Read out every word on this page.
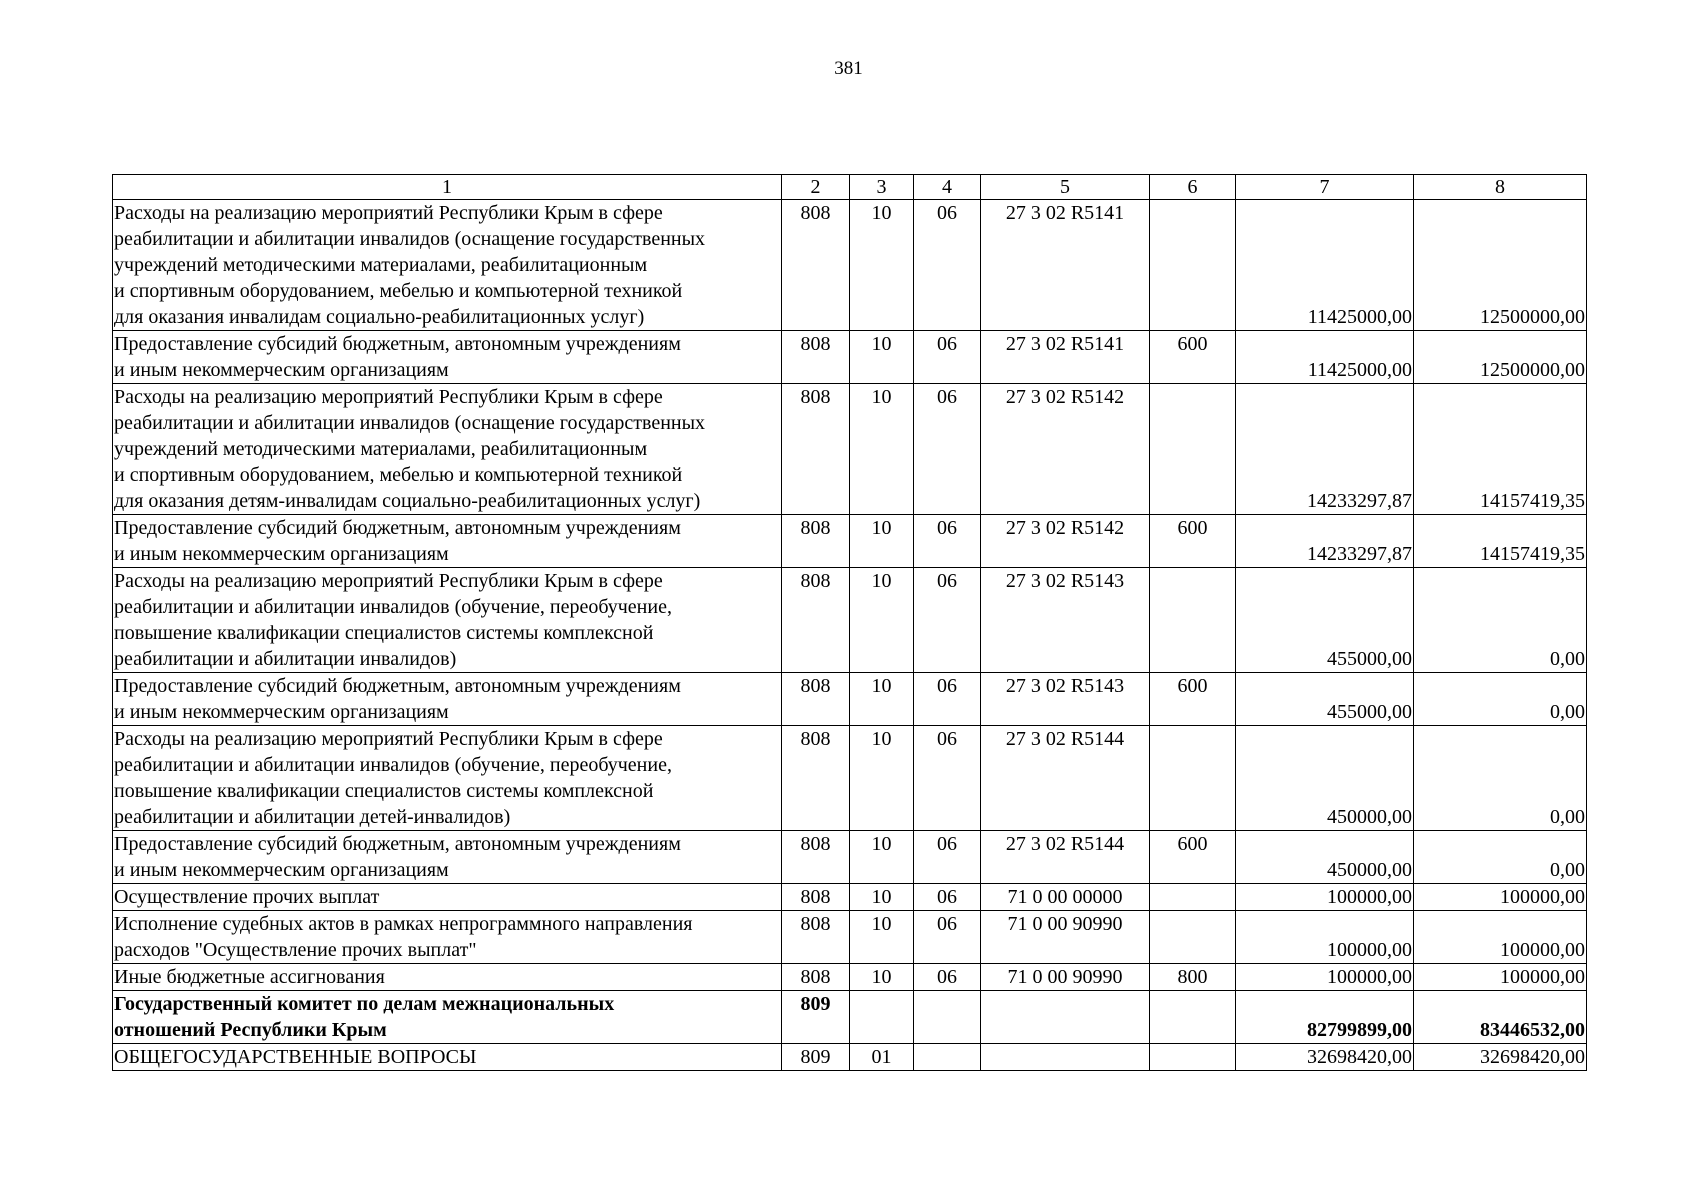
381
1	2	3	4	5	6	7	8
Расходы на реализацию мероприятий Республики Крым в сфере
реабилитации и абилитации инвалидов (оснащение государственных
учреждений методическими материалами, реабилитационным
и спортивным оборудованием, мебелью и компьютерной техникой
для оказания инвалидам социально-реабилитационных услуг)	808	10	06	27 3 02 R5141		11425000,00	12500000,00
Предоставление субсидий бюджетным, автономным учреждениям
и иным некоммерческим организациям	808	10	06	27 3 02 R5141	600	11425000,00	12500000,00
Расходы на реализацию мероприятий Республики Крым в сфере
реабилитации и абилитации инвалидов (оснащение государственных
учреждений методическими материалами, реабилитационным
и спортивным оборудованием, мебелью и компьютерной техникой
для оказания детям-инвалидам социально-реабилитационных услуг)	808	10	06	27 3 02 R5142		14233297,87	14157419,35
Предоставление субсидий бюджетным, автономным учреждениям
и иным некоммерческим организациям	808	10	06	27 3 02 R5142	600	14233297,87	14157419,35
Расходы на реализацию мероприятий Республики Крым в сфере
реабилитации и абилитации инвалидов (обучение, переобучение,
повышение квалификации специалистов системы комплексной
реабилитации и абилитации инвалидов)	808	10	06	27 3 02 R5143		455000,00	0,00
Предоставление субсидий бюджетным, автономным учреждениям
и иным некоммерческим организациям	808	10	06	27 3 02 R5143	600	455000,00	0,00
Расходы на реализацию мероприятий Республики Крым в сфере
реабилитации и абилитации инвалидов (обучение, переобучение,
повышение квалификации специалистов системы комплексной
реабилитации и абилитации детей-инвалидов)	808	10	06	27 3 02 R5144		450000,00	0,00
Предоставление субсидий бюджетным, автономным учреждениям
и иным некоммерческим организациям	808	10	06	27 3 02 R5144	600	450000,00	0,00
Осуществление прочих выплат	808	10	06	71 0 00 00000		100000,00	100000,00
Исполнение судебных актов в рамках непрограммного направления
расходов "Осуществление прочих выплат"	808	10	06	71 0 00 90990		100000,00	100000,00
Иные бюджетные ассигнования	808	10	06	71 0 00 90990	800	100000,00	100000,00
Государственный комитет по делам межнациональных
отношений Республики Крым	809					82799899,00	83446532,00
ОБЩЕГОСУДАРСТВЕННЫЕ ВОПРОСЫ	809	01				32698420,00	32698420,00
